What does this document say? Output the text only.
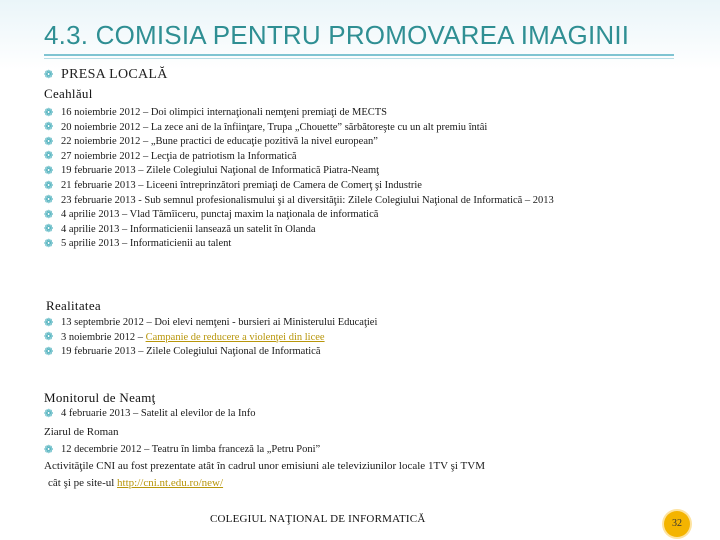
4.3. COMISIA PENTRU PROMOVAREA IMAGINII
❁ PRESA LOCALĂ
Ceahlăul
❁ 16 noiembrie 2012 – Doi olimpici internaţionali nemţeni premiaţi de MECTS
❁ 20 noiembrie 2012 – La zece ani de la înfiinţare, Trupa „Chouette” sărbătoreşte cu un alt premiu întâi
❁ 22 noiembrie 2012 – „Bune practici de educaţie pozitivă la nivel european”
❁ 27 noiembrie 2012 – Lecţia de patriotism la Informatică
❁ 19 februarie 2013 – Zilele Colegiului Naţional de Informatică Piatra-Neamţ
❁ 21 februarie 2013 – Liceeni întreprinzători premiaţi de Camera de Comerţ şi Industrie
❁ 23 februarie 2013 - Sub semnul profesionalismului şi al diversităţii: Zilele Colegiului Naţional de Informatică – 2013
❁ 4 aprilie 2013 – Vlad Tămîiceru, punctaj maxim la naţionala de informatică
❁ 4 aprilie 2013 – Informaticienii lansează un satelit în Olanda
❁ 5 aprilie 2013 – Informaticienii au talent
Realitatea
❁ 13 septembrie 2012 – Doi elevi nemţeni - bursieri ai Ministerului Educaţiei
❁ 3 noiembrie 2012 – Campanie de reducere a violenţei din licee
❁ 19 februarie 2013 – Zilele Colegiului Naţional de Informatică
Monitorul de Neamţ
❁ 4 februarie 2013 – Satelit al elevilor de la Info
Ziarul de Roman
❁ 12 decembrie 2012 – Teatru în limba franceză la „Petru Poni”
Activităţile CNI au fost prezentate atât în cadrul unor emisiuni ale televiziunilor locale 1TV şi TVM
cât şi pe site-ul http://cni.nt.edu.ro/new/
COLEGIUL NAŢIONAL DE INFORMATICĂ	32
